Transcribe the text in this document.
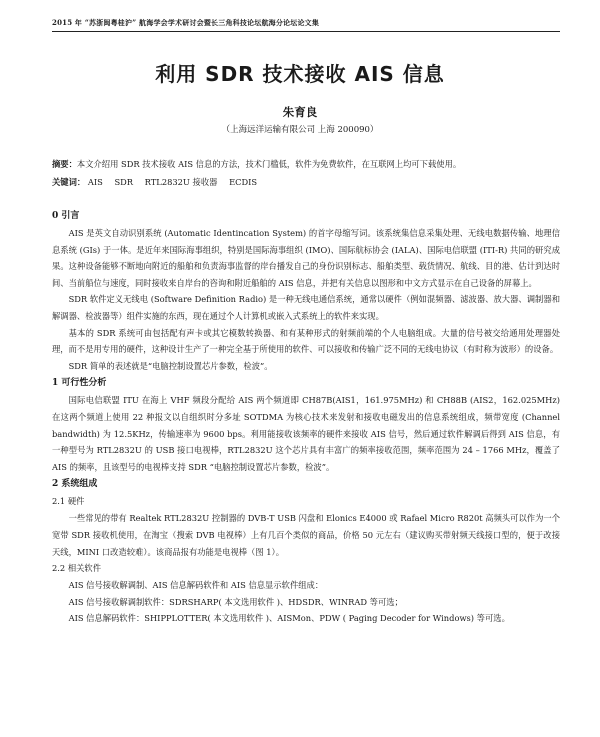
2015 年 “苏浙闽粤桂沪” 航海学会学术研讨会暨长三角科技论坛航海分论坛论文集
利用 SDR 技术接收 AIS 信息
朱育良
（上海远洋运输有限公司 上海 200090）
摘要：本文介绍用 SDR 技术接收 AIS 信息的方法，技术门槛低，软件为免费软件，在互联网上均可下载使用。
关键词： AIS SDR RTL2832U 接收器 ECDIS
0 引言

AIS 是英文自动识别系统 (Automatic Identincation System) 的首字母缩写词。该系统集信息采集处理、无线电数据传输、地理信息系统 (GIs) 于一体。是近年来国际海事组织，特别是国际海事组织 (IMO)、国际航标协会 (IALA)、国际电信联盟 (ITI-R) 共同的研究成果。这种设备能够不断地向附近的船舶和负责海事监督的岸台播发自己的身份识别标志、船舶类型、载货情况、航线、目的港、估计到达时间、当前船位与速度，同时接收来自岸台的咨询和附近船舶的 AIS 信息，并把有关信息以图形和中文方式显示在自己设备的屏幕上。

SDR 软件定义无线电 (Software Definition Radio) 是一种无线电通信系统，通常以硬件（例如混频器、滤波器、放大器、调制器和解调器、检波器等）组件实施的东西，现在通过个人计算机或嵌入式系统上的软件来实现。

基本的 SDR 系统可由包括配有声卡或其它模数转换器、和有某种形式的射频前端的个人电脑组成。大量的信号被交给通用处理器处理，而不是用专用的硬件，这种设计生产了一种完全基于所使用的软件、可以接收和传输广泛不同的无线电协议（有时称为波形）的设备。

SDR 简单的表述就是“电脑控制设置芯片参数，检波”。

1 可行性分析

国际电信联盟 ITU 在海上 VHF 频段分配给 AIS 两个频道即 CH87B(AIS1，161.975MHz) 和 CH88B (AIS2，162.025MHz) 在这两个频道上使用 22 种报文以自组织时分多址 SOTDMA 为核心技术来发射和接收电磁发出的信息系统组成，频带宽度 (Channel bandwidth) 为 12.5KHz，传输速率为 9600 bps。利用能接收该频率的硬件来接收 AIS 信号，然后通过软件解调后得到 AIS 信息，有一种型号为 RTL2832U 的 USB 接口电视棒，RTL2832U 这个芯片具有丰富广的频率接收范围，频率范围为 24 – 1766 MHz，覆盖了 AIS 的频率，且该型号的电视棒支持 SDR “电脑控制设置芯片参数，检波”。

2 系统组成
2.1 硬件

一些常见的带有 Realtek RTL2832U 控制器的 DVB-T USB 闪盘和 Elonics E4000 或 Rafael Micro R820t 高频头可以作为一个宽带 SDR 接收机使用，在淘宝（搜索 DVB 电视棒）上有几百个类似的商品，价格 50 元左右（建议购买带射频天线接口型的，便于改接天线，MINI 口改造较难）。该商品报有功能是电视棒（图 1）。

2.2 相关软件

AIS 信号接收解调制、AIS 信息解码软件和 AIS 信息显示软件组成：

AIS 信号接收解调制软件：SDRSHARP( 本文选用软件 )、HDSDR、WINRAD 等可选；

AIS 信息解码软件：SHIPPLOTTER( 本文选用软件 )、AISMon、PDW ( Paging Decoder for Windows) 等可选。
